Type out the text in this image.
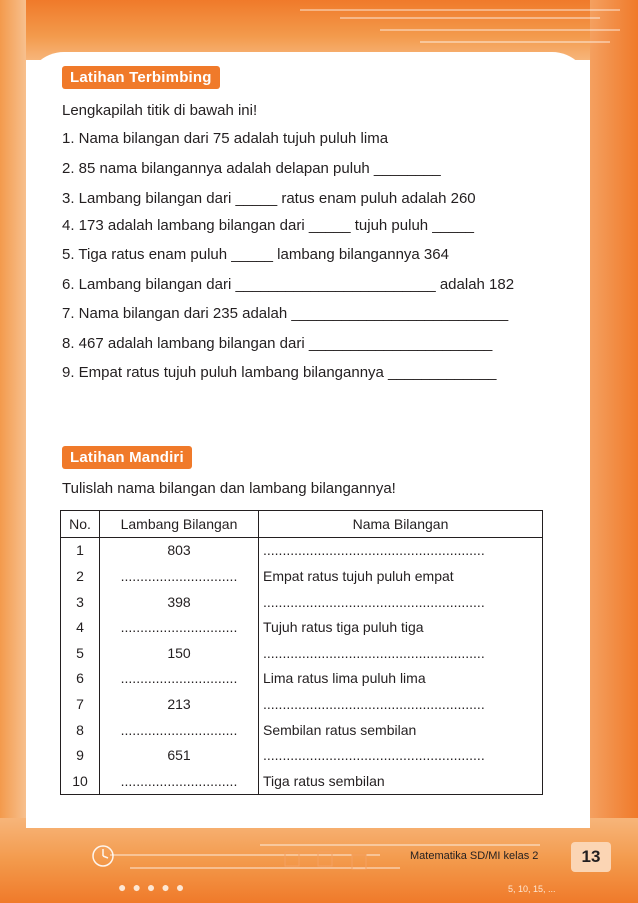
Latihan Terbimbing
Lengkapilah titik di bawah ini!
1. Nama bilangan dari 75 adalah tujuh puluh lima
2. 85 nama bilangannya adalah delapan puluh ________
3. Lambang bilangan dari _____ ratus enam puluh adalah 260
4. 173 adalah lambang bilangan dari _____ tujuh puluh _____
5. Tiga ratus enam puluh _____ lambang bilangannya 364
6. Lambang bilangan dari ________________________ adalah 182
7. Nama bilangan dari 235 adalah __________________________
8. 467 adalah lambang bilangan dari ______________________
9. Empat ratus tujuh puluh lambang bilangannya _____________
Latihan Mandiri
Tulislah nama bilangan dan lambang bilangannya!
No.	Lambang Bilangan	Nama Bilangan
1	803	.........................................................
2	..............................	Empat ratus tujuh puluh empat
3	398	.........................................................
4	..............................	Tujuh ratus tiga puluh tiga
5	150	.........................................................
6	..............................	Lima ratus lima puluh lima
7	213	.........................................................
8	..............................	Sembilan ratus sembilan
9	651	.........................................................
10	..............................	Tiga ratus sembilan
Matematika SD/MI kelas 2	13
●●●●●	5, 10, 15, ...
